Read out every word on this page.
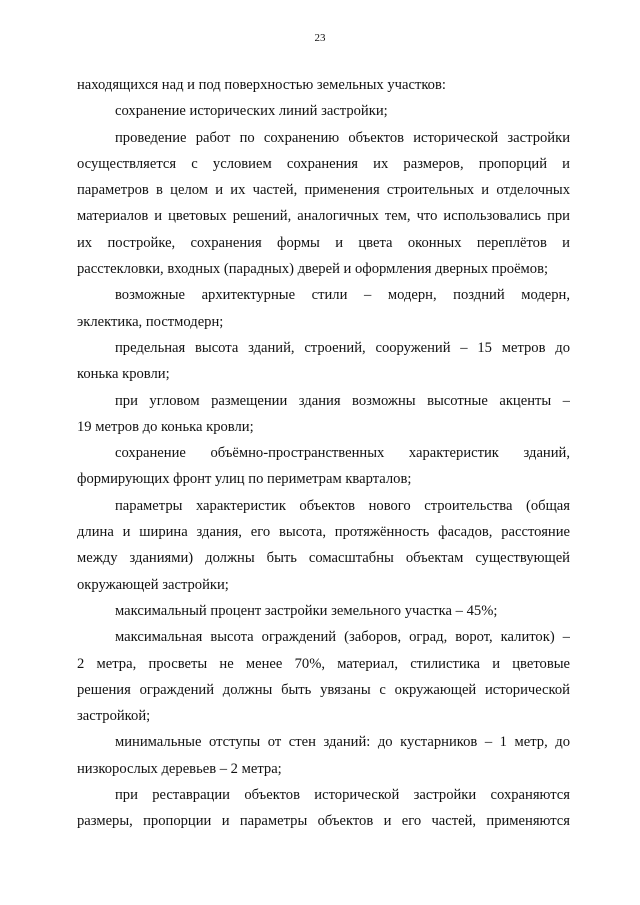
23
находящихся над и под поверхностью земельных участков:
сохранение исторических линий застройки;
проведение работ по сохранению объектов исторической застройки
осуществляется с условием сохранения их размеров, пропорций и
параметров в целом и их частей, применения строительных и отделочных
материалов и цветовых решений, аналогичных тем, что использовались при
их постройке, сохранения формы и цвета оконных переплётов и
расстекловки, входных (парадных) дверей и оформления дверных проёмов;
возможные архитектурные стили – модерн, поздний модерн,
эклектика, постмодерн;
предельная высота зданий, строений, сооружений – 15 метров до
конька кровли;
при угловом размещении здания возможны высотные акценты –
19 метров до конька кровли;
сохранение объёмно-пространственных характеристик зданий,
формирующих фронт улиц по периметрам кварталов;
параметры характеристик объектов нового строительства (общая
длина и ширина здания, его высота, протяжённость фасадов, расстояние
между зданиями) должны быть сомасштабны объектам существующей
окружающей застройки;
максимальный процент застройки земельного участка – 45%;
максимальная высота ограждений (заборов, оград, ворот, калиток) –
2 метра, просветы не менее 70%, материал, стилистика и цветовые
решения ограждений должны быть увязаны с окружающей исторической
застройкой;
минимальные отступы от стен зданий: до кустарников – 1 метр, до
низкорослых деревьев – 2 метра;
при реставрации объектов исторической застройки сохраняются
размеры, пропорции и параметры объектов и его частей, применяются
